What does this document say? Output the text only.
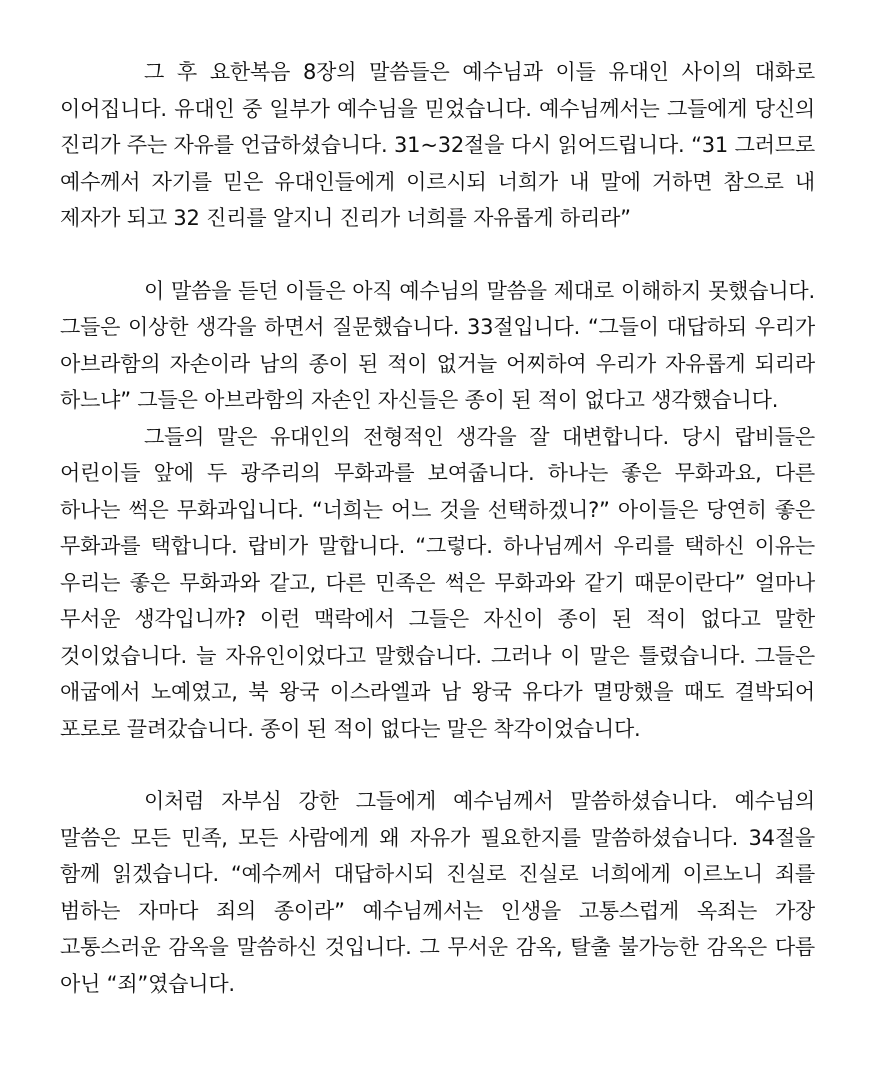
그 후 요한복음 8장의 말씀들은 예수님과 이들 유대인 사이의 대화로 이어집니다. 유대인 중 일부가 예수님을 믿었습니다. 예수님께서는 그들에게 당신의 진리가 주는 자유를 언급하셨습니다. 31~32절을 다시 읽어드립니다. “31 그러므로 예수께서 자기를 믿은 유대인들에게 이르시되 너희가 내 말에 거하면 참으로 내 제자가 되고 32 진리를 알지니 진리가 너희를 자유롭게 하리라”

이 말씀을 듣던 이들은 아직 예수님의 말씀을 제대로 이해하지 못했습니다. 그들은 이상한 생각을 하면서 질문했습니다. 33절입니다. “그들이 대답하되 우리가 아브라함의 자손이라 남의 종이 된 적이 없거늘 어찌하여 우리가 자유롭게 되리라 하느냐” 그들은 아브라함의 자손인 자신들은 종이 된 적이 없다고 생각했습니다.

그들의 말은 유대인의 전형적인 생각을 잘 대변합니다. 당시 랍비들은 어린이들 앞에 두 광주리의 무화과를 보여줍니다. 하나는 좋은 무화과요, 다른 하나는 썩은 무화과입니다. “너희는 어느 것을 선택하겠니?” 아이들은 당연히 좋은 무화과를 택합니다. 랍비가 말합니다. “그렇다. 하나님께서 우리를 택하신 이유는 우리는 좋은 무화과와 같고, 다른 민족은 썩은 무화과와 같기 때문이란다” 얼마나 무서운 생각입니까? 이런 맥락에서 그들은 자신이 종이 된 적이 없다고 말한 것이었습니다. 늘 자유인이었다고 말했습니다. 그러나 이 말은 틀렸습니다. 그들은 애굽에서 노예였고, 북 왕국 이스라엘과 남 왕국 유다가 멸망했을 때도 결박되어 포로로 끌려갔습니다. 종이 된 적이 없다는 말은 착각이었습니다.

이처럼 자부심 강한 그들에게 예수님께서 말씀하셨습니다. 예수님의 말씀은 모든 민족, 모든 사람에게 왜 자유가 필요한지를 말씀하셨습니다. 34절을 함께 읽겠습니다. “예수께서 대답하시되 진실로 진실로 너희에게 이르노니 죄를 범하는 자마다 죄의 종이라” 예수님께서는 인생을 고통스럽게 옥죄는 가장 고통스러운 감옥을 말씀하신 것입니다. 그 무서운 감옥, 탈출 불가능한 감옥은 다름 아닌 “죄”였습니다.
